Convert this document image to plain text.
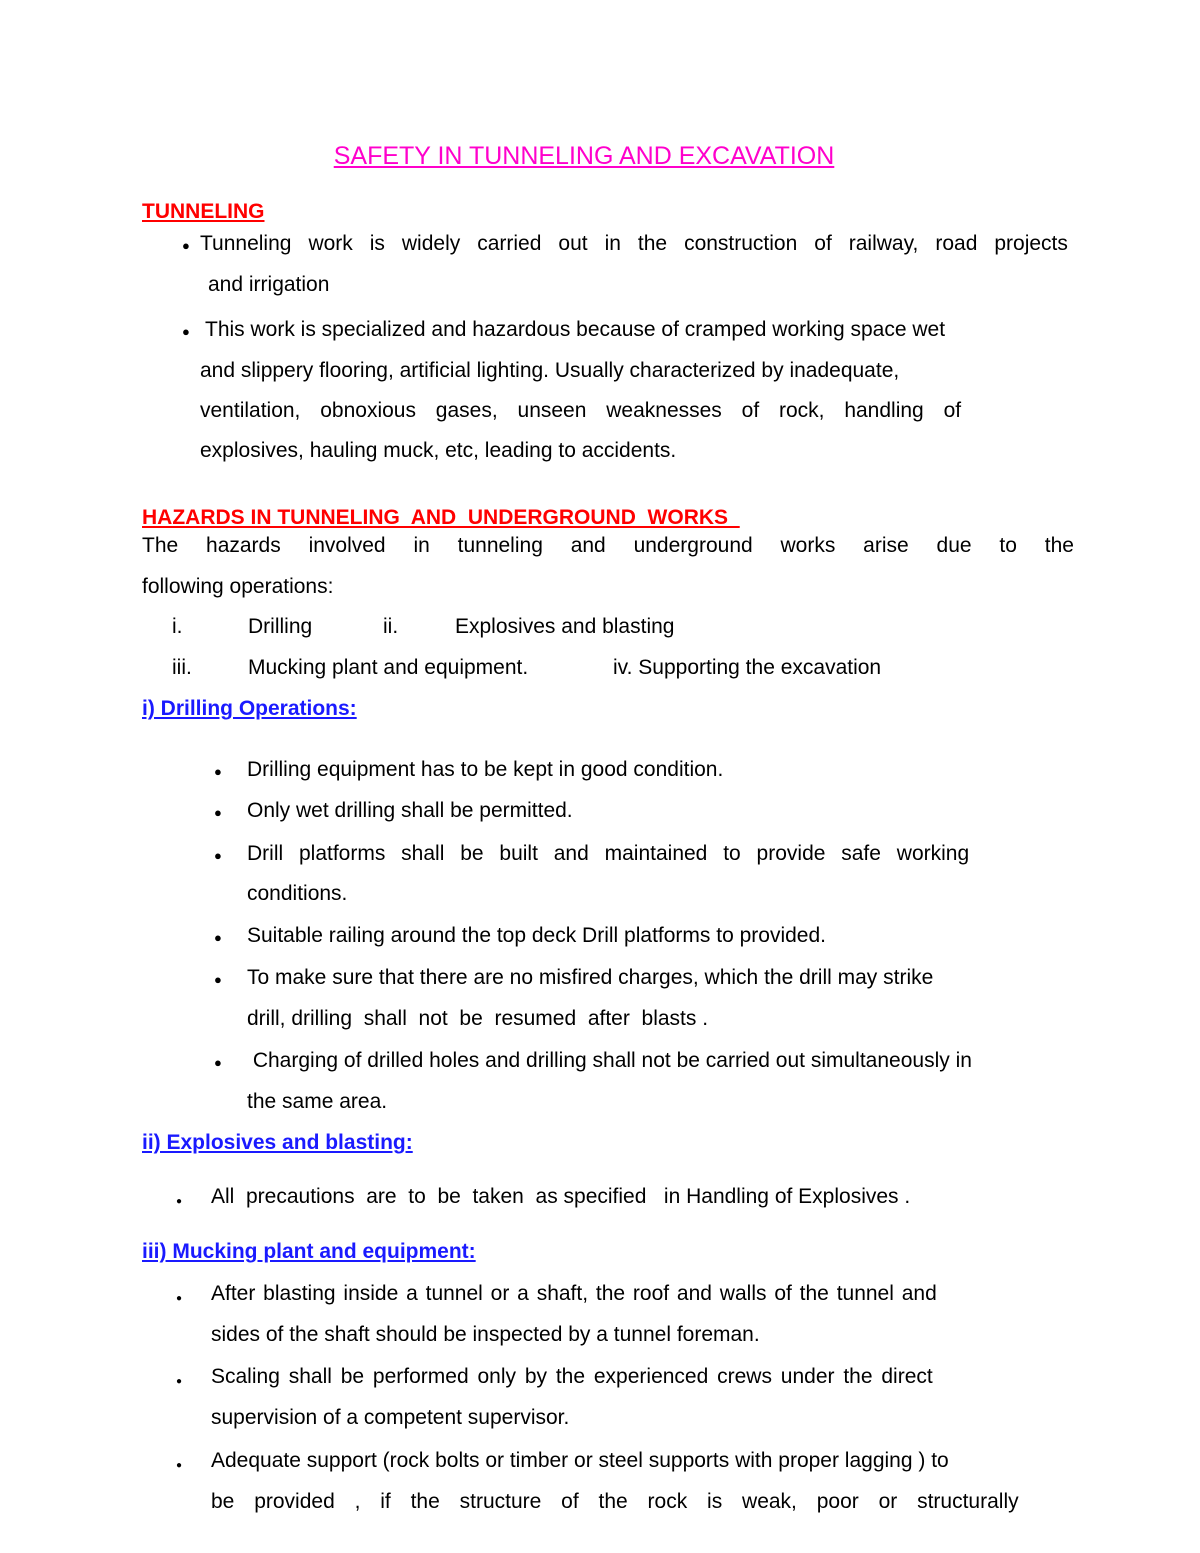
SAFETY IN TUNNELING AND EXCAVATION
TUNNELING
●
Tunneling work is widely carried out in the construction of railway, road projects
and irrigation
●
This work is specialized and hazardous because of cramped working space wet
and slippery flooring, artificial lighting. Usually characterized by inadequate,
ventilation, obnoxious gases, unseen weaknesses of rock, handling of
explosives, hauling muck, etc, leading to accidents.
HAZARDS IN TUNNELING  AND  UNDERGROUND  WORKS
The hazards involved in tunneling and underground works arise due to the
following operations:
i.	Drilling	ii.	Explosives and blasting
iii.	Mucking plant and equipment.	iv. Supporting the excavation
i) Drilling Operations:
●
Drilling equipment has to be kept in good condition.
●
Only wet drilling shall be permitted.
●
Drill platforms shall be built and maintained to provide safe working
conditions.
●
Suitable railing around the top deck Drill platforms to provided.
●
To make sure that there are no misfired charges, which the drill may strike
drill, drilling  shall  not  be  resumed  after  blasts .
●
Charging of drilled holes and drilling shall not be carried out simultaneously in
the same area.
ii) Explosives and blasting:
●
All  precautions  are  to  be  taken  as specified   in Handling of Explosives .
iii) Mucking plant and equipment:
●
After blasting inside a tunnel or a shaft, the roof and walls of the tunnel and
sides of the shaft should be inspected by a tunnel foreman.
●
Scaling shall be performed only by the experienced crews under the direct
supervision of a competent supervisor.
●
Adequate support (rock bolts or timber or steel supports with proper lagging ) to
be provided , if the structure of the rock is weak, poor or structurally
